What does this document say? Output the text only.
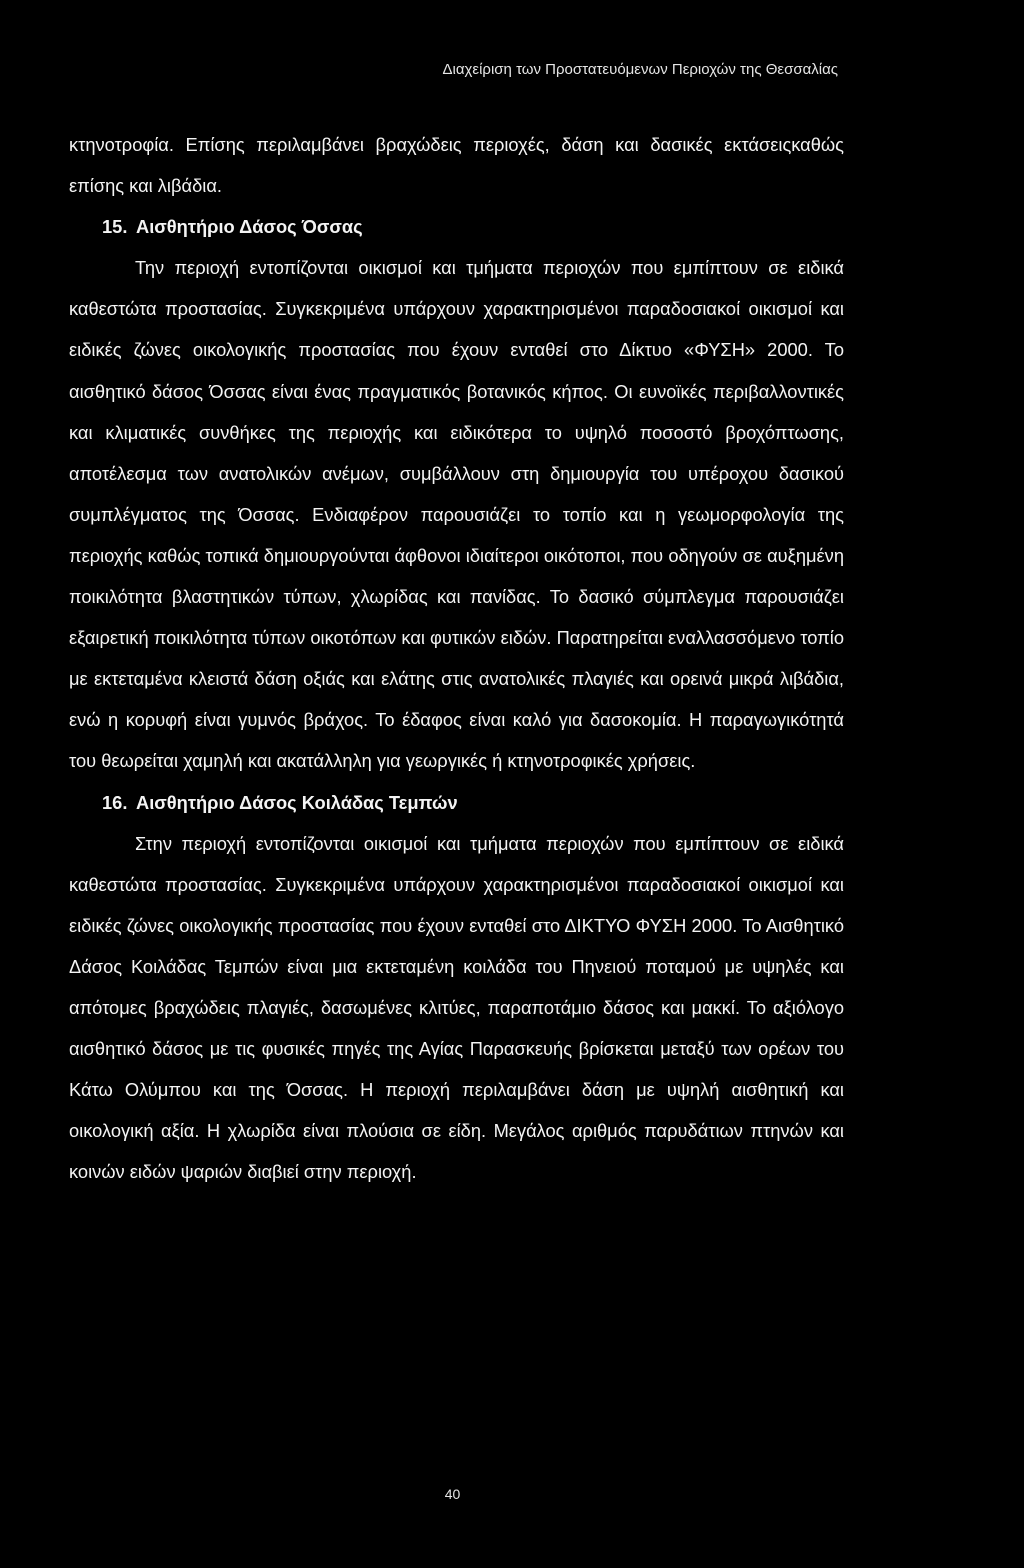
Διαχείριση των Προστατευόμενων Περιοχών της Θεσσαλίας

κτηνοτροφία. Επίσης περιλαμβάνει βραχώδεις περιοχές, δάση και δασικές εκτάσειςκαθώς επίσης και λιβάδια.

15. Αισθητήριο Δάσος Όσσας

Την περιοχή εντοπίζονται οικισμοί και τμήματα περιοχών που εμπίπτουν σε ειδικά καθεστώτα προστασίας. Συγκεκριμένα υπάρχουν χαρακτηρισμένοι παραδοσιακοί οικισμοί και ειδικές ζώνες οικολογικής προστασίας που έχουν ενταθεί στο Δίκτυο «ΦΥΣΗ» 2000. Το αισθητικό δάσος Όσσας είναι ένας πραγματικός βοτανικός κήπος. Οι ευνοϊκές περιβαλλοντικές και κλιματικές συνθήκες της περιοχής και ειδικότερα το υψηλό ποσοστό βροχόπτωσης, αποτέλεσμα των ανατολικών ανέμων, συμβάλλουν στη δημιουργία του υπέροχου δασικού συμπλέγματος της Όσσας. Ενδιαφέρον παρουσιάζει το τοπίο και η γεωμορφολογία της περιοχής καθώς τοπικά δημιουργούνται άφθονοι ιδιαίτεροι οικότοποι, που οδηγούν σε αυξημένη ποικιλότητα βλαστητικών τύπων, χλωρίδας και πανίδας. Το δασικό σύμπλεγμα παρουσιάζει εξαιρετική ποικιλότητα τύπων οικοτόπων και φυτικών ειδών. Παρατηρείται εναλλασσόμενο τοπίο με εκτεταμένα κλειστά δάση οξιάς και ελάτης στις ανατολικές πλαγιές και ορεινά μικρά λιβάδια, ενώ η κορυφή είναι γυμνός βράχος. Το έδαφος είναι καλό για δασοκομία. Η παραγωγικότητά του θεωρείται χαμηλή και ακατάλληλη για γεωργικές ή κτηνοτροφικές χρήσεις.

16. Αισθητήριο Δάσος Κοιλάδας Τεμπών

Στην περιοχή εντοπίζονται οικισμοί και τμήματα περιοχών που εμπίπτουν σε ειδικά καθεστώτα προστασίας. Συγκεκριμένα υπάρχουν χαρακτηρισμένοι παραδοσιακοί οικισμοί και ειδικές ζώνες οικολογικής προστασίας που έχουν ενταθεί στο ΔΙΚΤΥΟ ΦΥΣΗ 2000. Το Αισθητικό Δάσος Κοιλάδας Τεμπών είναι μια εκτεταμένη κοιλάδα του Πηνειού ποταμού με υψηλές και απότομες βραχώδεις πλαγιές, δασωμένες κλιτύες, παραποτάμιο δάσος και μακκί. Το αξιόλογο αισθητικό δάσος με τις φυσικές πηγές της Αγίας Παρασκευής βρίσκεται μεταξύ των ορέων του Κάτω Ολύμπου και της Όσσας. Η περιοχή περιλαμβάνει δάση με υψηλή αισθητική και οικολογική αξία. Η χλωρίδα είναι πλούσια σε είδη. Μεγάλος αριθμός παρυδάτιων πτηνών και κοινών ειδών ψαριών διαβιεί στην περιοχή.

40
